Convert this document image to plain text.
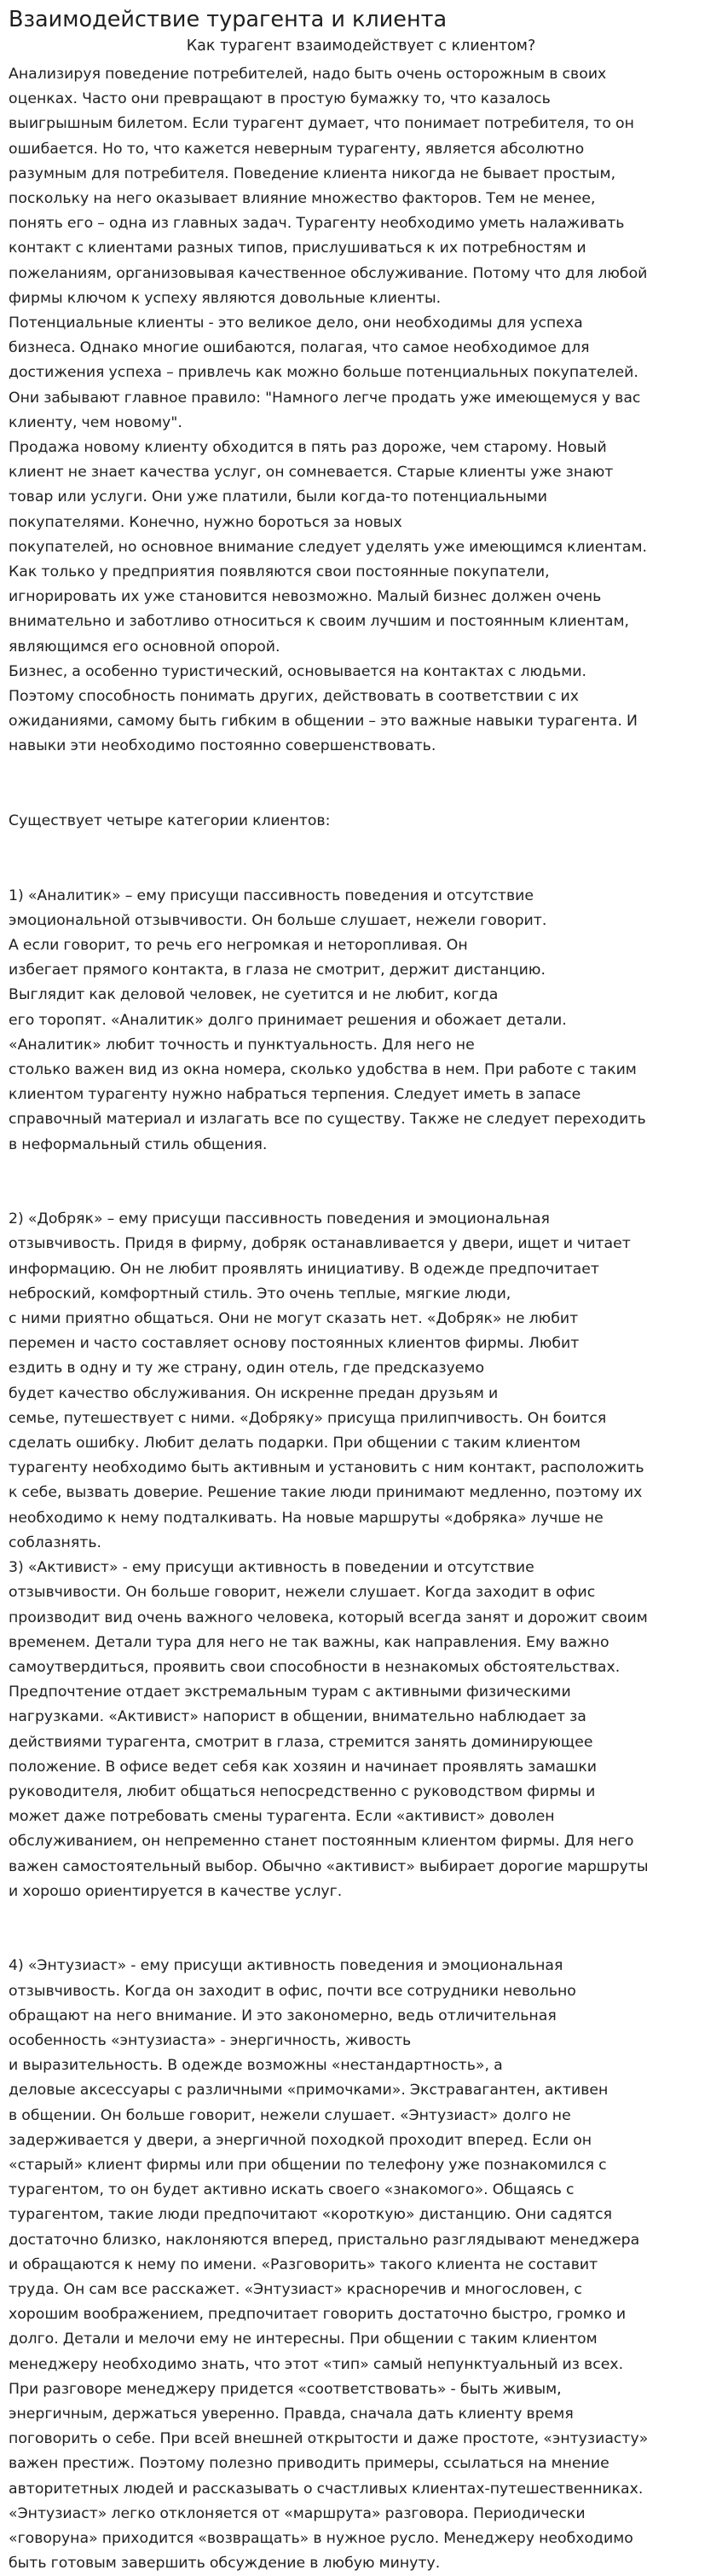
Взаимодействие турагента и клиента
Как турагент взаимодействует с клиентом?
Анализируя поведение потребителей, надо быть очень осторожным в своих
оценках. Часто они превращают в простую бумажку то, что казалось
выигрышным билетом. Если турагент думает, что понимает потребителя, то он
ошибается. Но то, что кажется неверным турагенту, является абсолютно
разумным для потребителя. Поведение клиента никогда не бывает простым,
поскольку на него оказывает влияние множество факторов. Тем не менее,
понять его – одна из главных задач. Турагенту необходимо уметь налаживать
контакт с клиентами разных типов, прислушиваться к их потребностям и
пожеланиям, организовывая качественное обслуживание. Потому что для любой
фирмы ключом к успеху являются довольные клиенты.
Потенциальные клиенты - это великое дело, они необходимы для успеха
бизнеса. Однако многие ошибаются, полагая, что самое необходимое для
достижения успеха – привлечь как можно больше потенциальных покупателей.
Они забывают главное правило: "Намного легче продать уже имеющемуся у вас
клиенту, чем новому".
Продажа новому клиенту обходится в пять раз дороже, чем старому. Новый
клиент не знает качества услуг, он сомневается. Старые клиенты уже знают
товар или услуги. Они уже платили, были когда-то потенциальными
покупателями. Конечно, нужно бороться за новых
покупателей, но основное внимание следует уделять уже имеющимся клиентам.
Как только у предприятия появляются свои постоянные покупатели,
игнорировать их уже становится невозможно. Малый бизнес должен очень
внимательно и заботливо относиться к своим лучшим и постоянным клиентам,
являющимся его основной опорой.
Бизнес, а особенно туристический, основывается на контактах с людьми.
Поэтому способность понимать других, действовать в соответствии с их
ожиданиями, самому быть гибким в общении – это важные навыки турагента. И
навыки эти необходимо постоянно совершенствовать.
Существует четыре категории клиентов:
1) «Аналитик» – ему присущи пассивность поведения и отсутствие
эмоциональной отзывчивости. Он больше слушает, нежели говорит.
А если говорит, то речь его негромкая и неторопливая. Он
избегает прямого контакта, в глаза не смотрит, держит дистанцию.
Выглядит как деловой человек, не суетится и не любит, когда
его торопят. «Аналитик» долго принимает решения и обожает детали.
«Аналитик» любит точность и пунктуальность. Для него не
столько важен вид из окна номера, сколько удобства в нем. При работе с таким
клиентом турагенту нужно набраться терпения. Следует иметь в запасе
справочный материал и излагать все по существу. Также не следует переходить
в неформальный стиль общения.
2) «Добряк» – ему присущи пассивность поведения и эмоциональная
отзывчивость. Придя в фирму, добряк останавливается у двери, ищет и читает
информацию. Он не любит проявлять инициативу. В одежде предпочитает
неброский, комфортный стиль. Это очень теплые, мягкие люди,
с ними приятно общаться. Они не могут сказать нет. «Добряк» не любит
перемен и часто составляет основу постоянных клиентов фирмы. Любит
ездить в одну и ту же страну, один отель, где предсказуемо
будет качество обслуживания. Он искренне предан друзьям и
семье, путешествует с ними. «Добряку» присуща прилипчивость. Он боится
сделать ошибку. Любит делать подарки. При общении с таким клиентом
турагенту необходимо быть активным и установить с ним контакт, расположить
к себе, вызвать доверие. Решение такие люди принимают медленно, поэтому их
необходимо к нему подталкивать. На новые маршруты «добряка» лучше не
соблазнять.
3) «Активист» - ему присущи активность в поведении и отсутствие
отзывчивости. Он больше говорит, нежели слушает. Когда заходит в офис
производит вид очень важного человека, который всегда занят и дорожит своим
временем. Детали тура для него не так важны, как направления. Ему важно
самоутвердиться, проявить свои способности в незнакомых обстоятельствах.
Предпочтение отдает экстремальным турам с активными физическими
нагрузками. «Активист» напорист в общении, внимательно наблюдает за
действиями турагента, смотрит в глаза, стремится занять доминирующее
положение. В офисе ведет себя как хозяин и начинает проявлять замашки
руководителя, любит общаться непосредственно с руководством фирмы и
может даже потребовать смены турагента. Если «активист» доволен
обслуживанием, он непременно станет постоянным клиентом фирмы. Для него
важен самостоятельный выбор. Обычно «активист» выбирает дорогие маршруты
и хорошо ориентируется в качестве услуг.
4) «Энтузиаст» - ему присущи активность поведения и эмоциональная
отзывчивость. Когда он заходит в офис, почти все сотрудники невольно
обращают на него внимание. И это закономерно, ведь отличительная
особенность «энтузиаста» - энергичность, живость
и выразительность. В одежде возможны «нестандартность», а
деловые аксессуары с различными «примочками». Экстравагантен, активен
в общении. Он больше говорит, нежели слушает. «Энтузиаст» долго не
задерживается у двери, а энергичной походкой проходит вперед. Если он
«старый» клиент фирмы или при общении по телефону уже познакомился с
турагентом, то он будет активно искать своего «знакомого». Общаясь с
турагентом, такие люди предпочитают «короткую» дистанцию. Они садятся
достаточно близко, наклоняются вперед, пристально разглядывают менеджера
и обращаются к нему по имени. «Разговорить» такого клиента не составит
труда. Он сам все расскажет. «Энтузиаст» красноречив и многословен, с
хорошим воображением, предпочитает говорить достаточно быстро, громко и
долго. Детали и мелочи ему не интересны. При общении с таким клиентом
менеджеру необходимо знать, что этот «тип» самый непунктуальный из всех.
При разговоре менеджеру придется «соответствовать» - быть живым,
энергичным, держаться уверенно. Правда, сначала дать клиенту время
поговорить о себе. При всей внешней открытости и даже простоте, «энтузиасту»
важен престиж. Поэтому полезно приводить примеры, ссылаться на мнение
авторитетных людей и рассказывать о счастливых клиентах-путешественниках.
«Энтузиаст» легко отклоняется от «маршрута» разговора. Периодически
«говоруна» приходится «возвращать» в нужное русло. Менеджеру необходимо
быть готовым завершить обсуждение в любую минуту.
